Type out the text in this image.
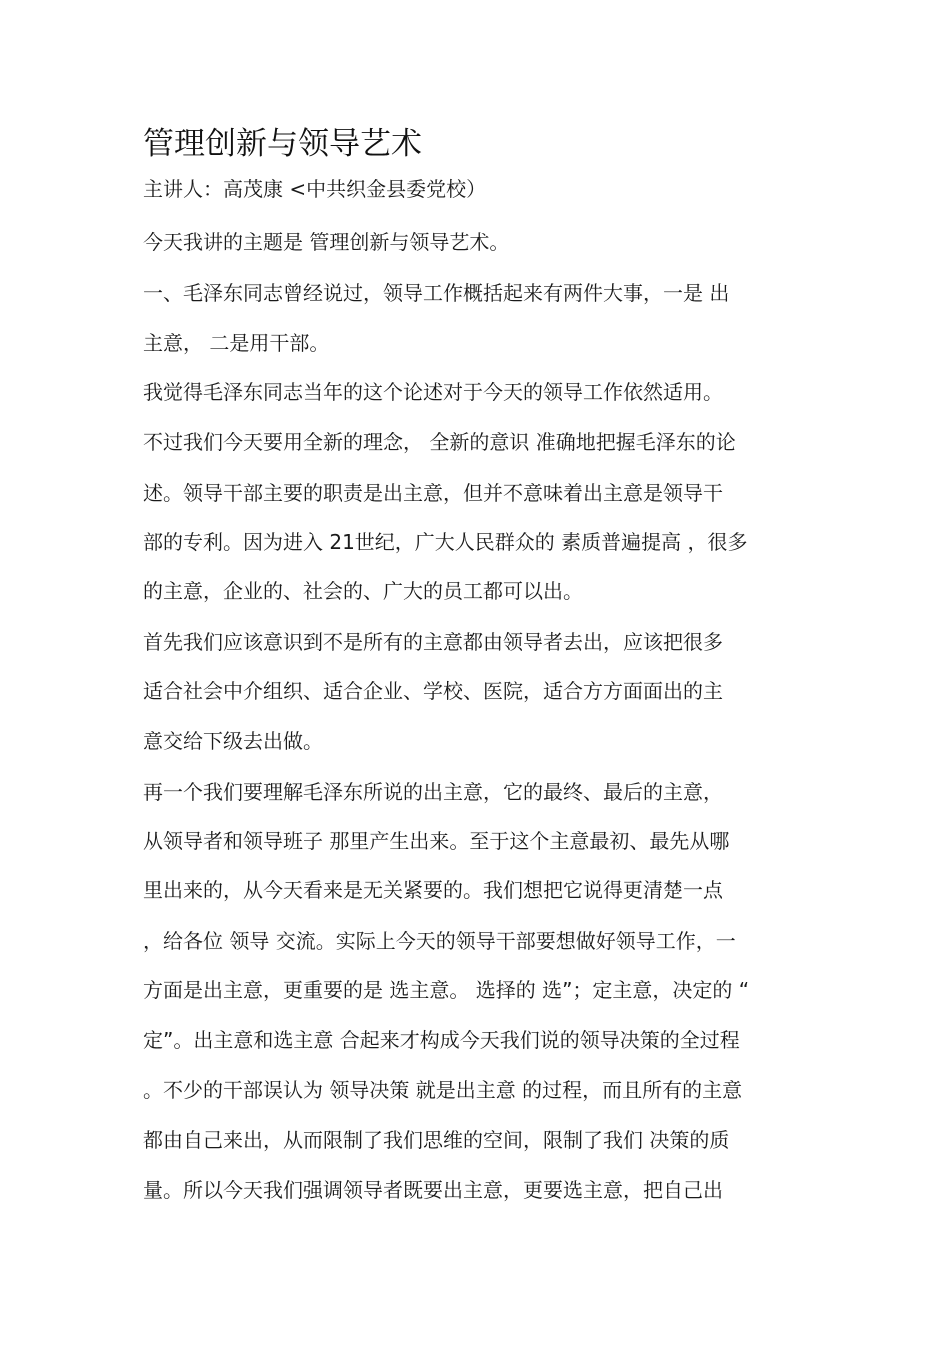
管理创新与领导艺术
主讲人：高茂康 <中共织金县委党校）
今天我讲的主题是 管理创新与领导艺术。
一、毛泽东同志曾经说过，领导工作概括起来有两件大事，一是 出
主意， 二是用干部。
我觉得毛泽东同志当年的这个论述对于今天的领导工作依然适用。
不过我们今天要用全新的理念， 全新的意识 准确地把握毛泽东的论
述。领导干部主要的职责是出主意，但并不意味着出主意是领导干
部的专利。因为进入 21世纪，广大人民群众的 素质普遍提高 ，很多
的主意，企业的、社会的、广大的员工都可以出。
首先我们应该意识到不是所有的主意都由领导者去出，应该把很多
适合社会中介组织、适合企业、学校、医院，适合方方面面出的主
意交给下级去出做。
再一个我们要理解毛泽东所说的出主意，它的最终、最后的主意，
从领导者和领导班子 那里产生出来。至于这个主意最初、最先从哪
里出来的，从今天看来是无关紧要的。我们想把它说得更清楚一点
，给各位 领导 交流。实际上今天的领导干部要想做好领导工作，一
方面是出主意，更重要的是 选主意。 选择的 选”；定主意，决定的 “
定”。出主意和选主意 合起来才构成今天我们说的领导决策的全过程
。不少的干部误认为 领导决策 就是出主意 的过程，而且所有的主意
都由自己来出，从而限制了我们思维的空间，限制了我们 决策的质
量。所以今天我们强调领导者既要出主意，更要选主意，把自己出
